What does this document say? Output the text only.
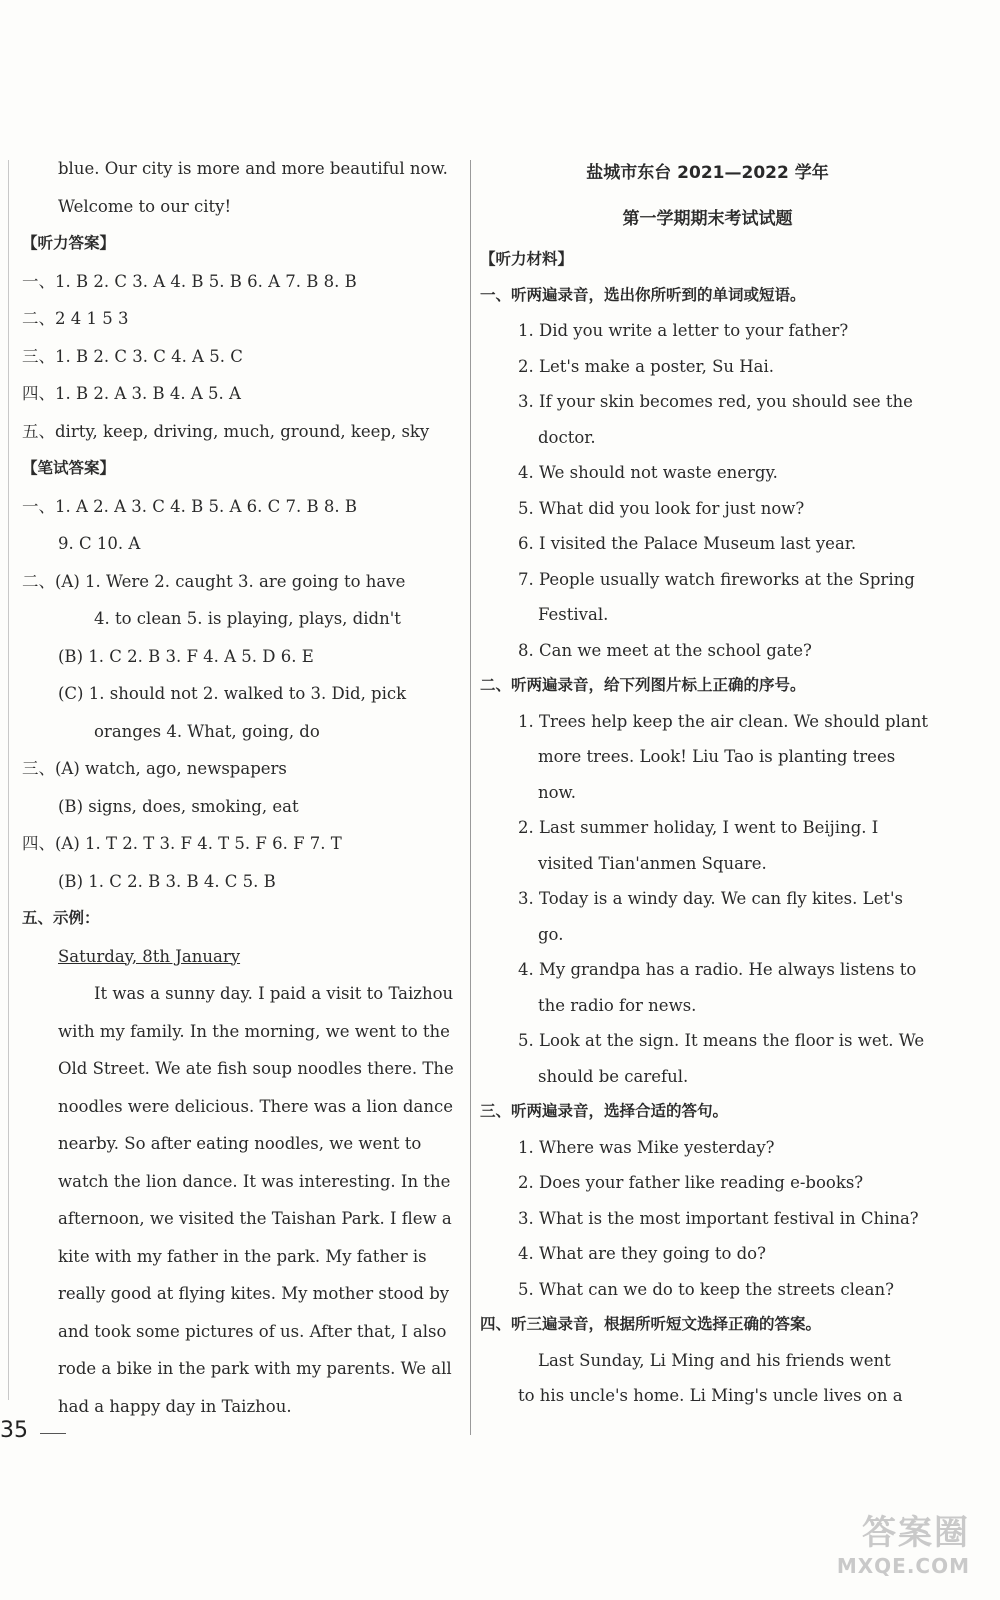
blue. Our city is more and more beautiful now.
Welcome to our city!
【听力答案】
一、1. B 2. C 3. A 4. B 5. B 6. A 7. B 8. B
二、2 4 1 5 3
三、1. B 2. C 3. C 4. A 5. C
四、1. B 2. A 3. B 4. A 5. A
五、dirty, keep, driving, much, ground, keep, sky
【笔试答案】
一、1. A 2. A 3. C 4. B 5. A 6. C 7. B 8. B
9. C 10. A
二、(A) 1. Were 2. caught 3. are going to have
4. to clean 5. is playing, plays, didn't
(B) 1. C 2. B 3. F 4. A 5. D 6. E
(C) 1. should not 2. walked to 3. Did, pick
oranges 4. What, going, do
三、(A) watch, ago, newspapers
(B) signs, does, smoking, eat
四、(A) 1. T 2. T 3. F 4. T 5. F 6. F 7. T
(B) 1. C 2. B 3. B 4. C 5. B
五、示例：
Saturday, 8th January
It was a sunny day. I paid a visit to Taizhou
with my family. In the morning, we went to the
Old Street. We ate fish soup noodles there. The
noodles were delicious. There was a lion dance
nearby. So after eating noodles, we went to
watch the lion dance. It was interesting. In the
afternoon, we visited the Taishan Park. I flew a
kite with my father in the park. My father is
really good at flying kites. My mother stood by
and took some pictures of us. After that, I also
rode a bike in the park with my parents. We all
had a happy day in Taizhou.
盐城市东台 2021—2022 学年
第一学期期末考试试题
【听力材料】
一、听两遍录音，选出你所听到的单词或短语。
1. Did you write a letter to your father?
2. Let's make a poster, Su Hai.
3. If your skin becomes red, you should see the
doctor.
4. We should not waste energy.
5. What did you look for just now?
6. I visited the Palace Museum last year.
7. People usually watch fireworks at the Spring
Festival.
8. Can we meet at the school gate?
二、听两遍录音，给下列图片标上正确的序号。
1. Trees help keep the air clean. We should plant
more trees. Look! Liu Tao is planting trees
now.
2. Last summer holiday, I went to Beijing. I
visited Tian'anmen Square.
3. Today is a windy day. We can fly kites. Let's
go.
4. My grandpa has a radio. He always listens to
the radio for news.
5. Look at the sign. It means the floor is wet. We
should be careful.
三、听两遍录音，选择合适的答句。
1. Where was Mike yesterday?
2. Does your father like reading e-books?
3. What is the most important festival in China?
4. What are they going to do?
5. What can we do to keep the streets clean?
四、听三遍录音，根据所听短文选择正确的答案。
Last Sunday, Li Ming and his friends went
to his uncle's home. Li Ming's uncle lives on a
35
答案圈
MXQE.COM
